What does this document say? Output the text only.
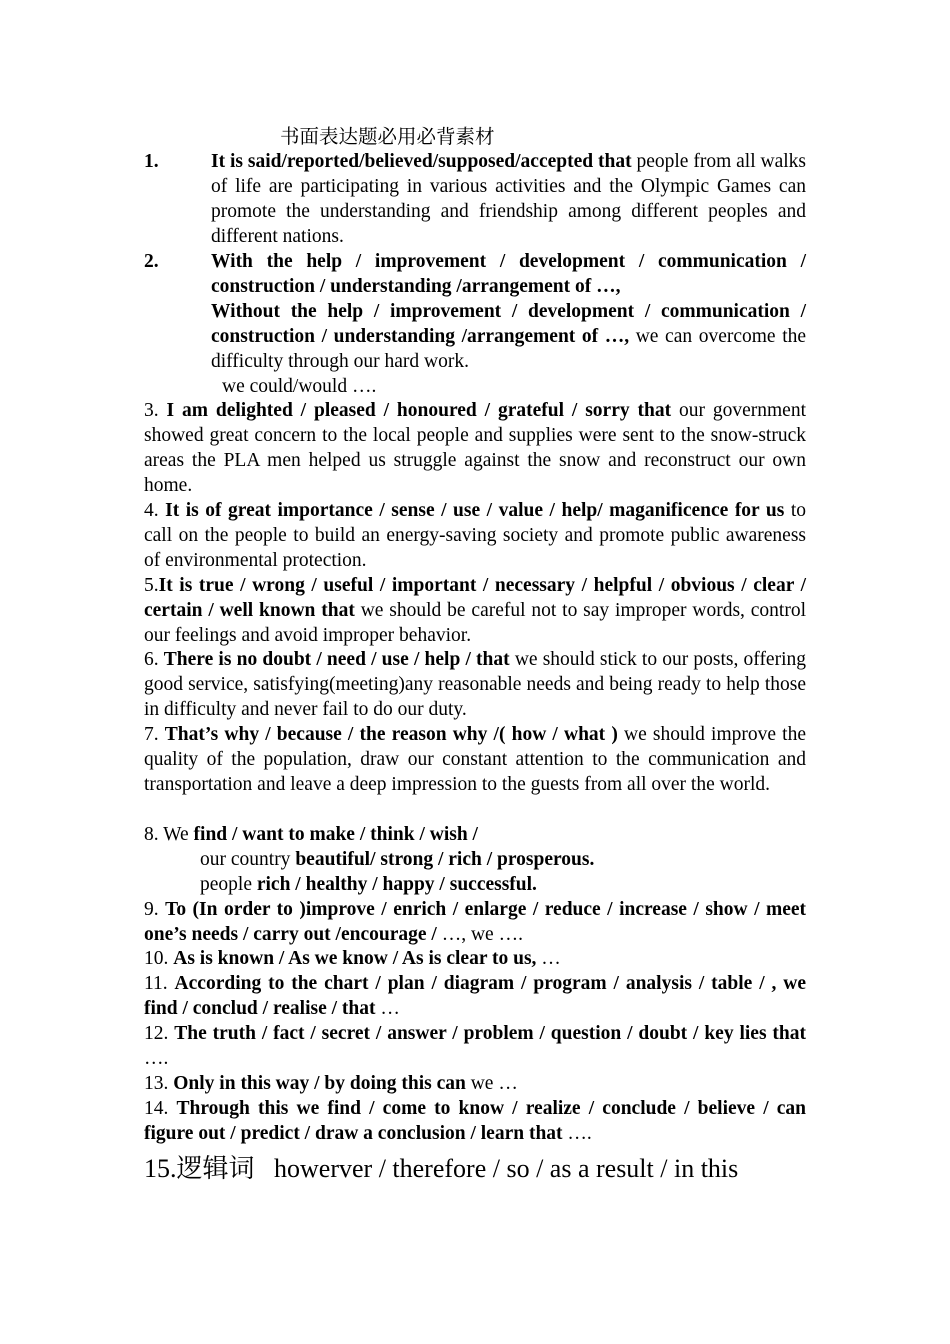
书面表达题必用必背素材
1.	It is said/reported/believed/supposed/accepted that people from all walks of life are participating in various activities and the Olympic Games can promote the understanding and friendship among different peoples and different nations.
2.	With the help / improvement / development / communication / construction / understanding /arrangement of …,
Without the help / improvement / development / communication / construction / understanding /arrangement of …, we can overcome the difficulty through our hard work.
we could/would ….
3. I am delighted / pleased / honoured / grateful / sorry that our government showed great concern to the local people and supplies were sent to the snow-struck areas the PLA men helped us struggle against the snow and reconstruct our own home.
4. It is of great importance / sense / use / value / help/ maganificence for us to call on the people to build an energy-saving society and promote public awareness of environmental protection.
5.It is true / wrong / useful / important / necessary / helpful / obvious / clear / certain / well known that we should be careful not to say improper words, control our feelings and avoid improper behavior.
6. There is no doubt / need / use / help / that we should stick to our posts, offering good service, satisfying(meeting)any reasonable needs and being ready to help those in difficulty and never fail to do our duty.
7. That’s why / because / the reason why /( how / what ) we should improve the quality of the population, draw our constant attention to the communication and transportation and leave a deep impression to the guests from all over the world.
8. We find / want to make / think / wish /
our country beautiful/ strong / rich / prosperous.
people rich / healthy / happy / successful.
9. To (In order to )improve / enrich / enlarge / reduce / increase / show / meet one’s needs / carry out /encourage / …, we ….
10. As is known / As we know / As is clear to us, …
11. According to the chart / plan / diagram / program / analysis / table / , we find / conclud / realise / that …
12. The truth / fact / secret / answer / problem / question / doubt / key lies that ….
13. Only in this way / by doing this can we …
14. Through this we find / come to know / realize / conclude / believe / can figure out / predict / draw a conclusion / learn that ….
15.逻辑词   howerver / therefore / so / as a result / in this
